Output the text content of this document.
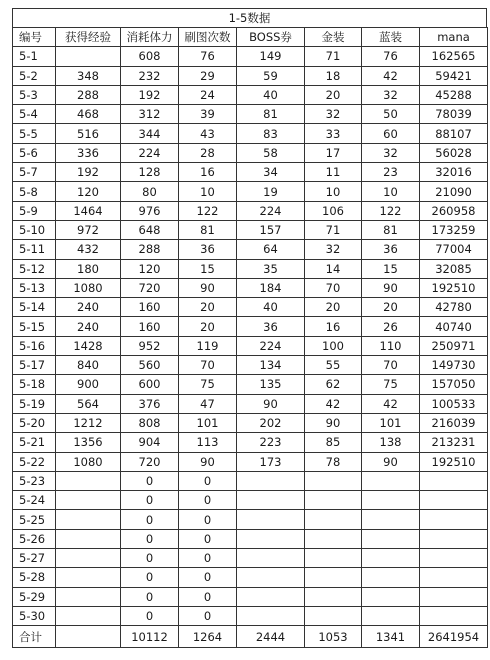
1-5数据
编号	获得经验	消耗体力	刷图次数	BOSS券	金装	蓝装	mana
5-1		608	76	149	71	76	162565
5-2	348	232	29	59	18	42	59421
5-3	288	192	24	40	20	32	45288
5-4	468	312	39	81	32	50	78039
5-5	516	344	43	83	33	60	88107
5-6	336	224	28	58	17	32	56028
5-7	192	128	16	34	11	23	32016
5-8	120	80	10	19	10	10	21090
5-9	1464	976	122	224	106	122	260958
5-10	972	648	81	157	71	81	173259
5-11	432	288	36	64	32	36	77004
5-12	180	120	15	35	14	15	32085
5-13	1080	720	90	184	70	90	192510
5-14	240	160	20	40	20	20	42780
5-15	240	160	20	36	16	26	40740
5-16	1428	952	119	224	100	110	250971
5-17	840	560	70	134	55	70	149730
5-18	900	600	75	135	62	75	157050
5-19	564	376	47	90	42	42	100533
5-20	1212	808	101	202	90	101	216039
5-21	1356	904	113	223	85	138	213231
5-22	1080	720	90	173	78	90	192510
5-23		0	0				
5-24		0	0				
5-25		0	0				
5-26		0	0				
5-27		0	0				
5-28		0	0				
5-29		0	0				
5-30		0	0				
合计		10112	1264	2444	1053	1341	2641954
